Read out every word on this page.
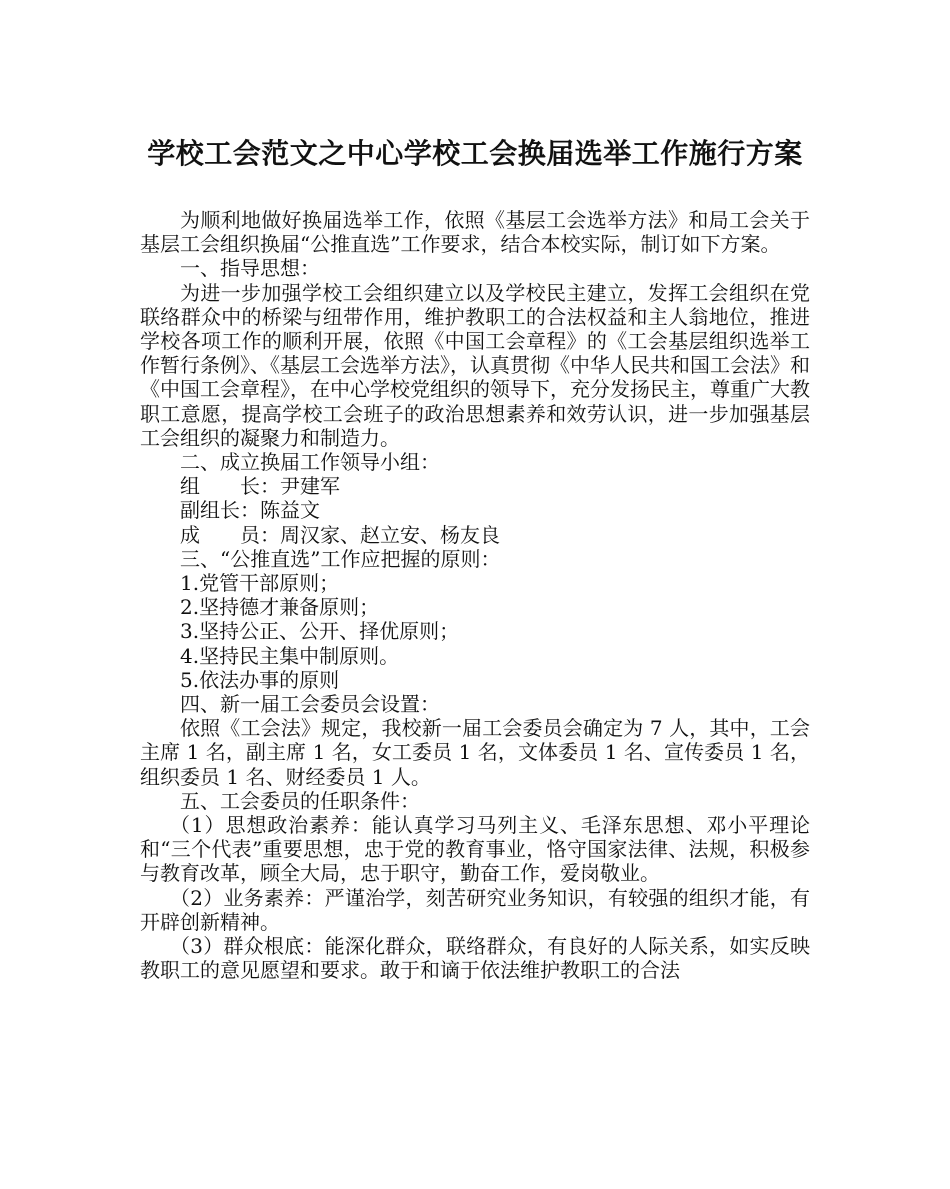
学校工会范文之中心学校工会换届选举工作施行方案

为顺利地做好换届选举工作，依照《基层工会选举方法》和局工会关于基层工会组织换届“公推直选”工作要求，结合本校实际，制订如下方案。

一、指导思想：

为进一步加强学校工会组织建立以及学校民主建立，发挥工会组织在党联络群众中的桥梁与纽带作用，维护教职工的合法权益和主人翁地位，推进学校各项工作的顺利开展，依照《中国工会章程》的《工会基层组织选举工作暂行条例》、《基层工会选举方法》，认真贯彻《中华人民共和国工会法》和《中国工会章程》，在中心学校党组织的领导下，充分发扬民主，尊重广大教职工意愿，提高学校工会班子的政治思想素养和效劳认识，进一步加强基层工会组织的凝聚力和制造力。

二、成立换届工作领导小组：

组　　长：尹建军

副组长：陈益文

成　　员：周汉家、赵立安、杨友良

三、“公推直选”工作应把握的原则：

1.党管干部原则；

2.坚持德才兼备原则；

3.坚持公正、公开、择优原则；

4.坚持民主集中制原则。

5.依法办事的原则

四、新一届工会委员会设置：

依照《工会法》规定，我校新一届工会委员会确定为 7 人，其中，工会主席 1 名，副主席 1 名，女工委员 1 名，文体委员 1 名、宣传委员 1 名，组织委员 1 名、财经委员 1 人。

五、工会委员的任职条件：

（1）思想政治素养：能认真学习马列主义、毛泽东思想、邓小平理论和“三个代表”重要思想，忠于党的教育事业，恪守国家法律、法规，积极参与教育改革，顾全大局，忠于职守，勤奋工作，爱岗敬业。

（2）业务素养：严谨治学，刻苦研究业务知识，有较强的组织才能，有开辟创新精神。

（3）群众根底：能深化群众，联络群众，有良好的人际关系，如实反映教职工的意见愿望和要求。敢于和谪于依法维护教职工的合法
